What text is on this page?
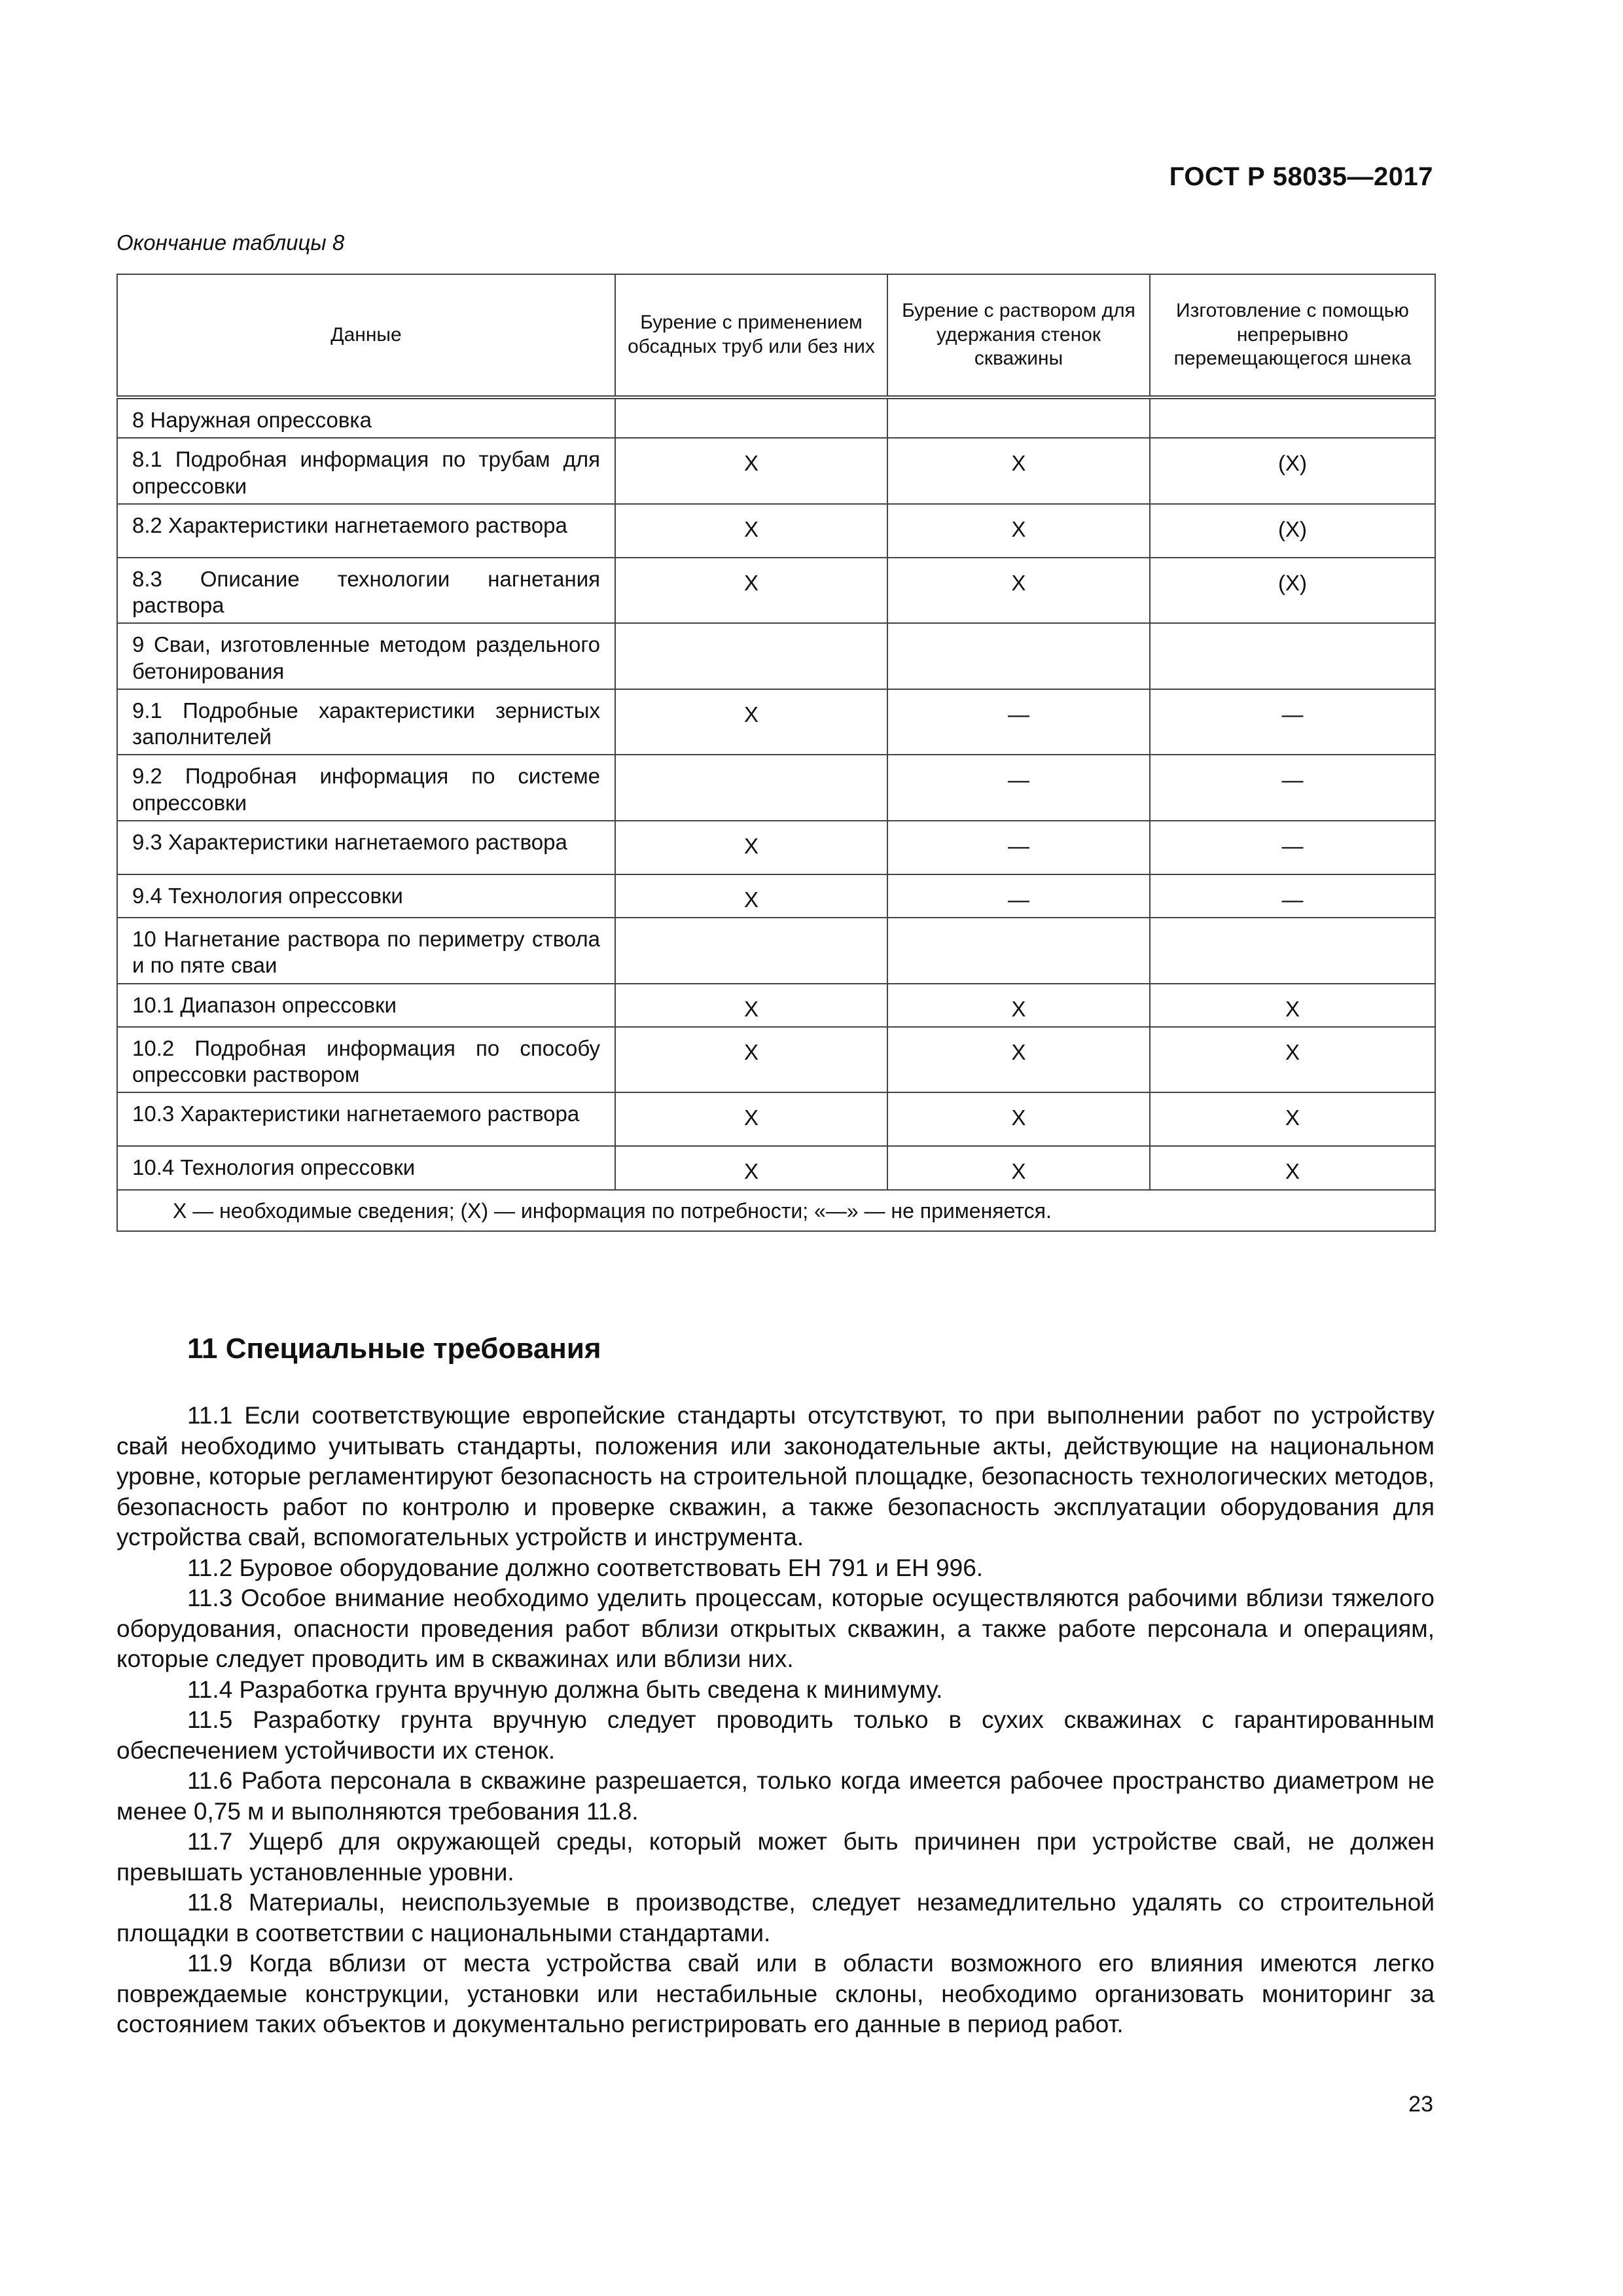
ГОСТ Р 58035—2017
Окончание таблицы 8
Данные	Бурение с применением обсадных труб или без них	Бурение с раствором для удержания стенок скважины	Изготовление с помощью непрерывно перемещающегося шнека
8 Наружная опрессовка			
8.1 Подробная информация по трубам для опрессовки	X	X	(X)
8.2 Характеристики нагнетаемого раствора	X	X	(X)
8.3 Описание технологии нагнетания раствора	X	X	(X)
9 Сваи, изготовленные методом раздельного бетонирования			
9.1 Подробные характеристики зернистых заполнителей	X	—	—
9.2 Подробная информация по системе опрессовки		—	—
9.3 Характеристики нагнетаемого раствора	X	—	—
9.4 Технология опрессовки	X	—	—
10 Нагнетание раствора по периметру ствола и по пяте сваи			
10.1 Диапазон опрессовки	X	X	X
10.2 Подробная информация по способу опрессовки раствором	X	X	X
10.3 Характеристики нагнетаемого раствора	X	X	X
10.4 Технология опрессовки	X	X	X
X — необходимые сведения; (X) — информация по потребности; «—» — не применяется.			
11 Специальные требования

11.1 Если соответствующие европейские стандарты отсутствуют, то при выполнении работ по устройству свай необходимо учитывать стандарты, положения или законодательные акты, действующие на национальном уровне, которые регламентируют безопасность на строительной площадке, безопасность технологических методов, безопасность работ по контролю и проверке скважин, а также безопасность эксплуатации оборудования для устройства свай, вспомогательных устройств и инструмента.

11.2 Буровое оборудование должно соответствовать ЕН 791 и ЕН 996.

11.3 Особое внимание необходимо уделить процессам, которые осуществляются рабочими вблизи тяжелого оборудования, опасности проведения работ вблизи открытых скважин, а также работе персонала и операциям, которые следует проводить им в скважинах или вблизи них.

11.4 Разработка грунта вручную должна быть сведена к минимуму.

11.5 Разработку грунта вручную следует проводить только в сухих скважинах с гарантированным обеспечением устойчивости их стенок.

11.6 Работа персонала в скважине разрешается, только когда имеется рабочее пространство диаметром не менее 0,75 м и выполняются требования 11.8.

11.7 Ущерб для окружающей среды, который может быть причинен при устройстве свай, не должен превышать установленные уровни.

11.8 Материалы, неиспользуемые в производстве, следует незамедлительно удалять со строительной площадки в соответствии с национальными стандартами.

11.9 Когда вблизи от места устройства свай или в области возможного его влияния имеются легко повреждаемые конструкции, установки или нестабильные склоны, необходимо организовать мониторинг за состоянием таких объектов и документально регистрировать его данные в период работ.

23
